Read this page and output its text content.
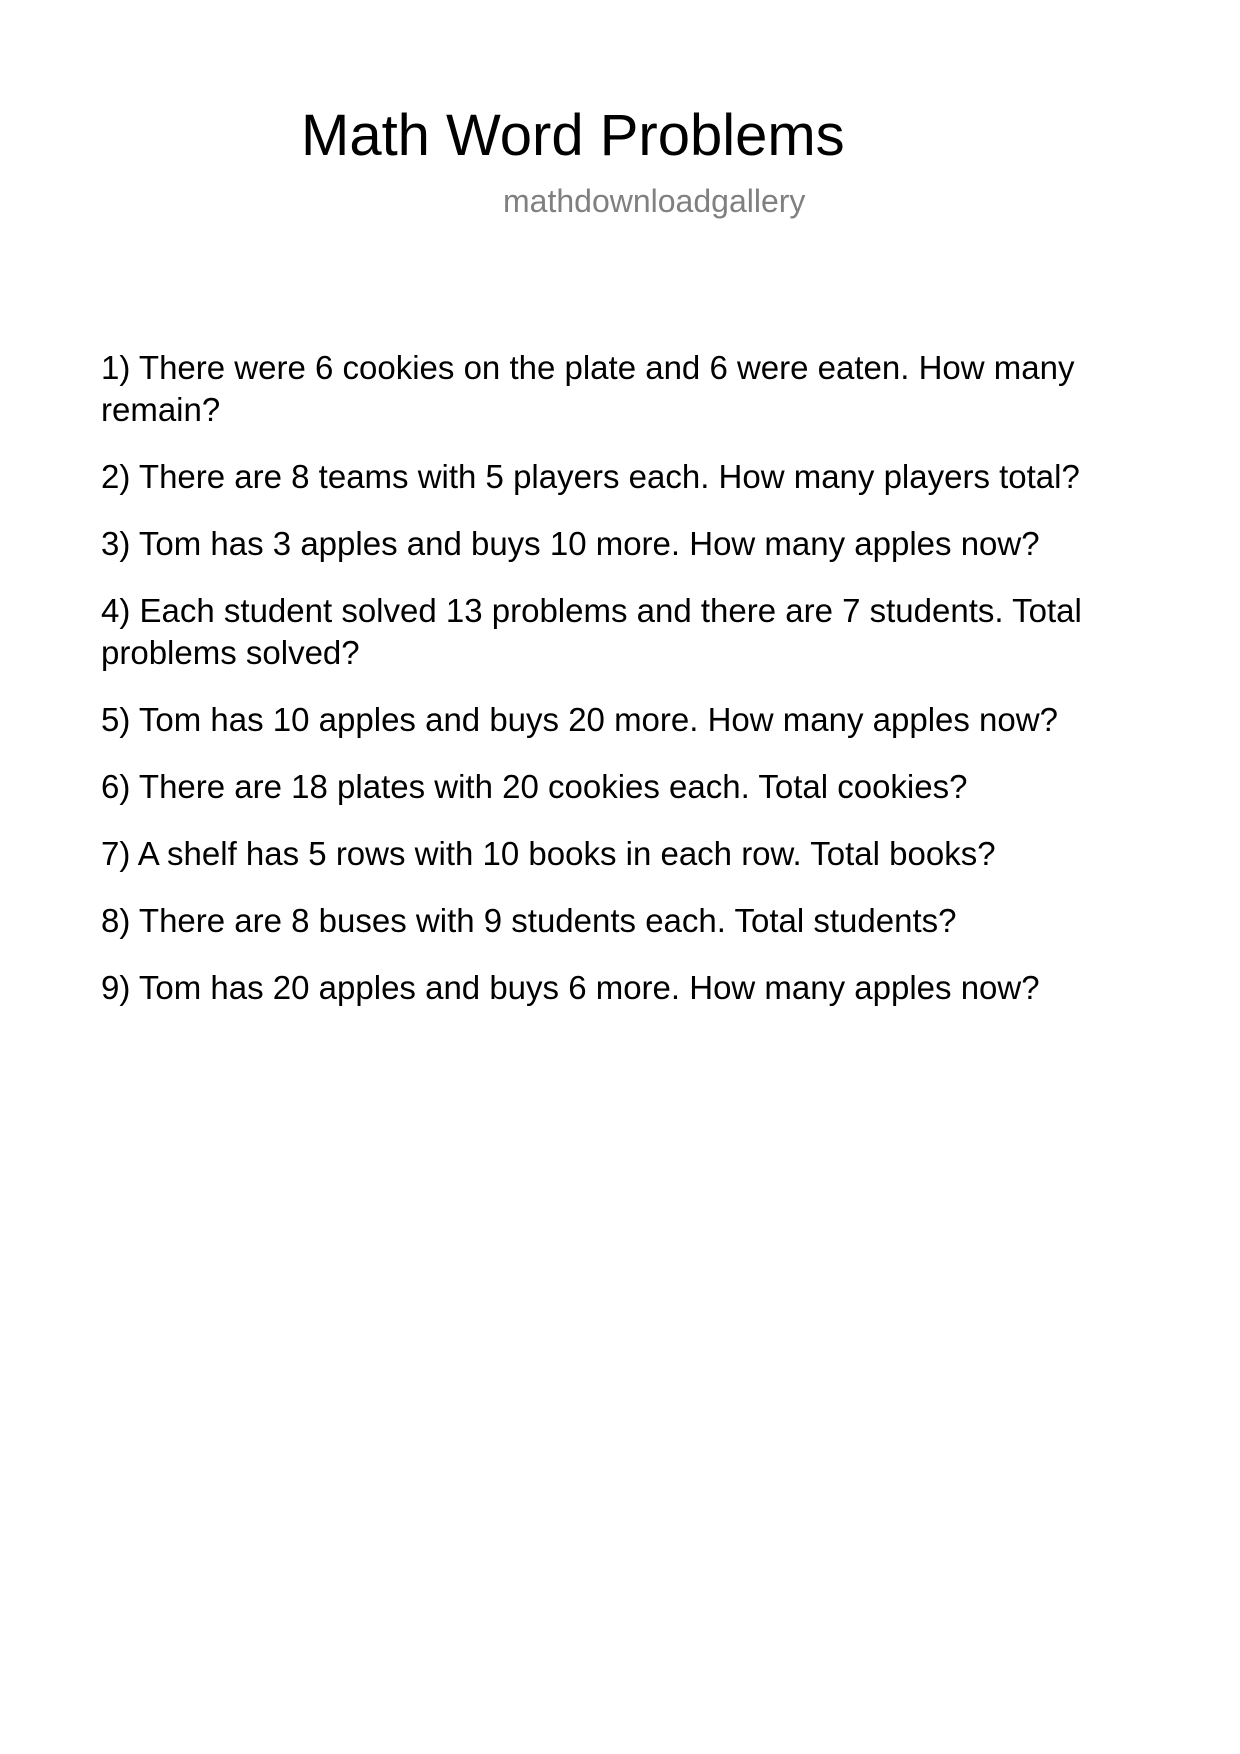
Math Word Problems
mathdownloadgallery
1) There were 6 cookies on the plate and 6 were eaten. How many remain?
2) There are 8 teams with 5 players each. How many players total?
3) Tom has 3 apples and buys 10 more. How many apples now?
4) Each student solved 13 problems and there are 7 students. Total problems solved?
5) Tom has 10 apples and buys 20 more. How many apples now?
6) There are 18 plates with 20 cookies each. Total cookies?
7) A shelf has 5 rows with 10 books in each row. Total books?
8) There are 8 buses with 9 students each. Total students?
9) Tom has 20 apples and buys 6 more. How many apples now?
